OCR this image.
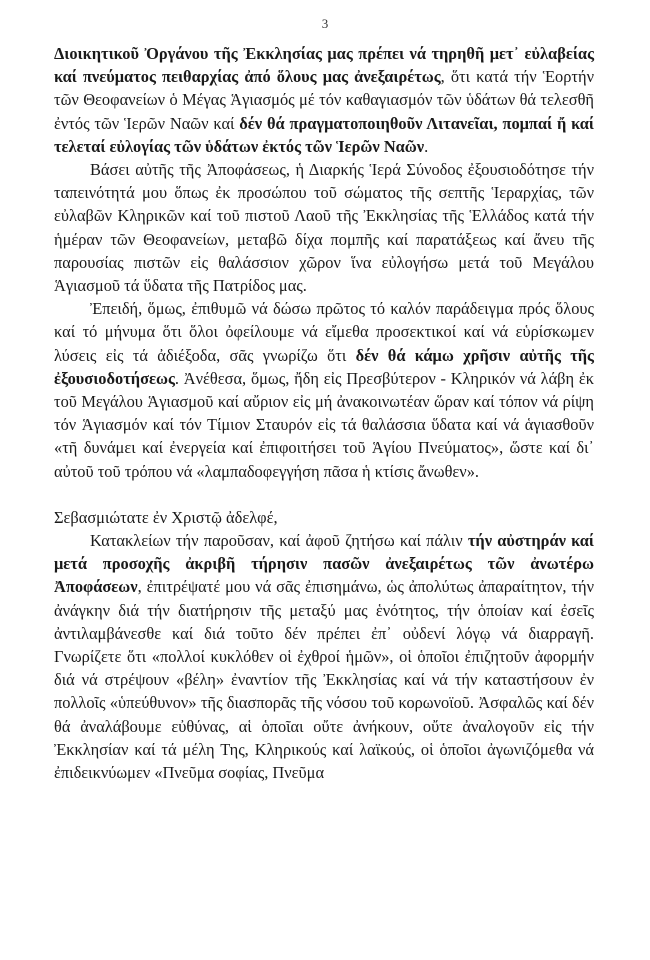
3

Διοικητικοῦ Ὀργάνου τῆς Ἐκκλησίας μας πρέπει νά τηρηθῆ μετ᾽ εὐλαβείας καί πνεύματος πειθαρχίας ἀπό ὅλους μας ἀνεξαιρέτως, ὅτι κατά τήν Ἑορτήν τῶν Θεοφανείων ὁ Μέγας Ἁγιασμός μέ τόν καθαγιασμόν τῶν ὑδάτων θά τελεσθῆ ἐντός τῶν Ἱερῶν Ναῶν καί δέν θά πραγματοποιηθοῦν Λιτανεῖαι, πομπαί ἤ καί τελεταί εὐλογίας τῶν ὑδάτων ἐκτός τῶν Ἱερῶν Ναῶν.

Βάσει αὐτῆς τῆς Ἀποφάσεως, ἡ Διαρκής Ἱερά Σύνοδος ἐξουσιοδότησε τήν ταπεινότητά μου ὅπως ἐκ προσώπου τοῦ σώματος τῆς σεπτῆς Ἱεραρχίας, τῶν εὐλαβῶν Κληρικῶν καί τοῦ πιστοῦ Λαοῦ τῆς Ἐκκλησίας τῆς Ἑλλάδος κατά τήν ἡμέραν τῶν Θεοφανείων, μεταβῶ δίχα πομπῆς καί παρατάξεως καί ἄνευ τῆς παρουσίας πιστῶν εἰς θαλάσσιον χῶρον ἵνα εὐλογήσω μετά τοῦ Μεγάλου Ἁγιασμοῦ τά ὕδατα τῆς Πατρίδος μας.

Ἐπειδή, ὅμως, ἐπιθυμῶ νά δώσω πρῶτος τό καλόν παράδειγμα πρός ὅλους καί τό μήνυμα ὅτι ὅλοι ὀφείλουμε νά εἴμεθα προσεκτικοί καί νά εὑρίσκωμεν λύσεις εἰς τά ἀδιέξοδα, σᾶς γνωρίζω ὅτι δέν θά κάμω χρῆσιν αὐτῆς τῆς ἐξουσιοδοτήσεως. Ἀνέθεσα, ὅμως, ἤδη εἰς Πρεσβύτερον - Κληρικόν νά λάβη ἐκ τοῦ Μεγάλου Ἁγιασμοῦ καί αὔριον εἰς μή ἀνακοινωτέαν ὥραν καί τόπον νά ρίψη τόν Ἁγιασμόν καί τόν Τίμιον Σταυρόν εἰς τά θαλάσσια ὕδατα καί νά ἁγιασθοῦν «τῆ δυνάμει καί ἐνεργεία καί ἐπιφοιτήσει τοῦ Ἁγίου Πνεύματος», ὥστε καί δι᾽ αὐτοῦ τοῦ τρόπου νά «λαμπαδοφεγγήση πᾶσα ἡ κτίσις ἄνωθεν».

Σεβασμιώτατε ἐν Χριστῷ ἀδελφέ,

Κατακλείων τήν παροῦσαν, καί ἀφοῦ ζητήσω καί πάλιν τήν αὐστηράν καί μετά προσοχῆς ἀκριβῆ τήρησιν πασῶν ἀνεξαιρέτως τῶν ἀνωτέρω Ἀποφάσεων, ἐπιτρέψατέ μου νά σᾶς ἐπισημάνω, ὡς ἀπολύτως ἀπαραίτητον, τήν ἀνάγκην διά τήν διατήρησιν τῆς μεταξύ μας ἑνότητος, τήν ὁποίαν καί ἐσεῖς ἀντιλαμβάνεσθε καί διά τοῦτο δέν πρέπει ἐπ᾽ οὐδενί λόγῳ νά διαρραγῆ. Γνωρίζετε ὅτι «πολλοί κυκλόθεν οἱ ἐχθροί ἡμῶν», οἱ ὁποῖοι ἐπιζητοῦν ἀφορμήν διά νά στρέψουν «βέλη» ἐναντίον τῆς Ἐκκλησίας καί νά τήν καταστήσουν ἐν πολλοῖς «ὑπεύθυνον» τῆς διασπορᾶς τῆς νόσου τοῦ κορωνοϊοῦ. Ἀσφαλῶς καί δέν θά ἀναλάβουμε εὐθύνας, αἱ ὁποῖαι οὔτε ἀνήκουν, οὔτε ἀναλογοῦν εἰς τήν Ἐκκλησίαν καί τά μέλη Της, Κληρικούς καί λαϊκούς, οἱ ὁποῖοι ἀγωνιζόμεθα νά ἐπιδεικνύωμεν «Πνεῦμα σοφίας, Πνεῦμα
